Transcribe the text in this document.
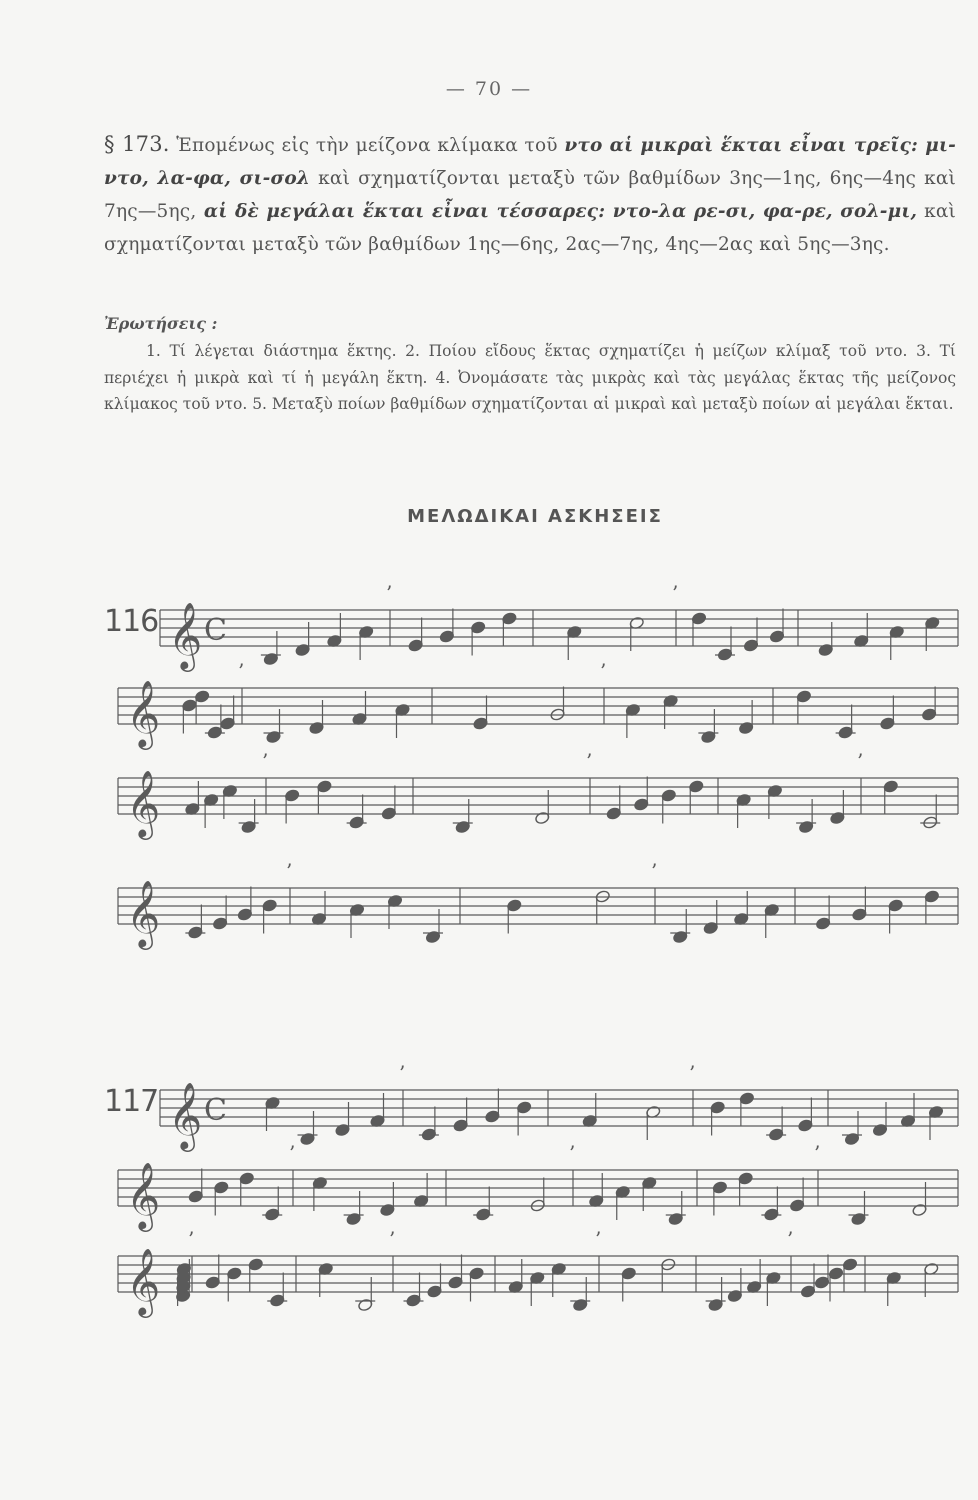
— 70 —
§ 173. Ἑπομένως εἰς τὴν μείζονα κλίμακα τοῦ ντο αἱ μικραὶ ἕκται εἶναι τρεῖς: μι-ντο, λα-φα, σι-σολ καὶ σχηματίζονται μεταξὺ τῶν βαθμίδων 3ης—1ης, 6ης—4ης καὶ 7ης—5ης, αἱ δὲ μεγάλαι ἕκται εἶναι τέσσαρες: ντο-λα ρε-σι, φα-ρε, σολ-μι, καὶ σχηματίζονται μεταξὺ τῶν βαθμίδων 1ης—6ης, 2ας—7ης, 4ης—2ας καὶ 5ης—3ης.
Ἐρωτήσεις :
1. Τί λέγεται διάστημα ἕκτης. 2. Ποίου εἴδους ἕκτας σχηματίζει ἡ μείζων κλίμαξ τοῦ ντο. 3. Τί περιέχει ἡ μικρὰ καὶ τί ἡ μεγάλη ἕκτη. 4. Ὀνομάσατε τὰς μικρὰς καὶ τὰς μεγάλας ἕκτας τῆς μείζονος κλίμακος τοῦ ντο. 5. Μεταξὺ ποίων βαθμίδων σχηματίζονται αἱ μικραὶ καὶ μεταξὺ ποίων αἱ μεγάλαι ἕκται.
ΜΕΛΩΔΙΚΑΙ ΑΣΚΗΣΕΙΣ
116
117
𝄞 C
’	’
𝄞
’	’
𝄞
’	’	’
𝄞
’	’
𝄞 C
’	’
𝄞
’	’	’
𝄞
’	’	’	’
